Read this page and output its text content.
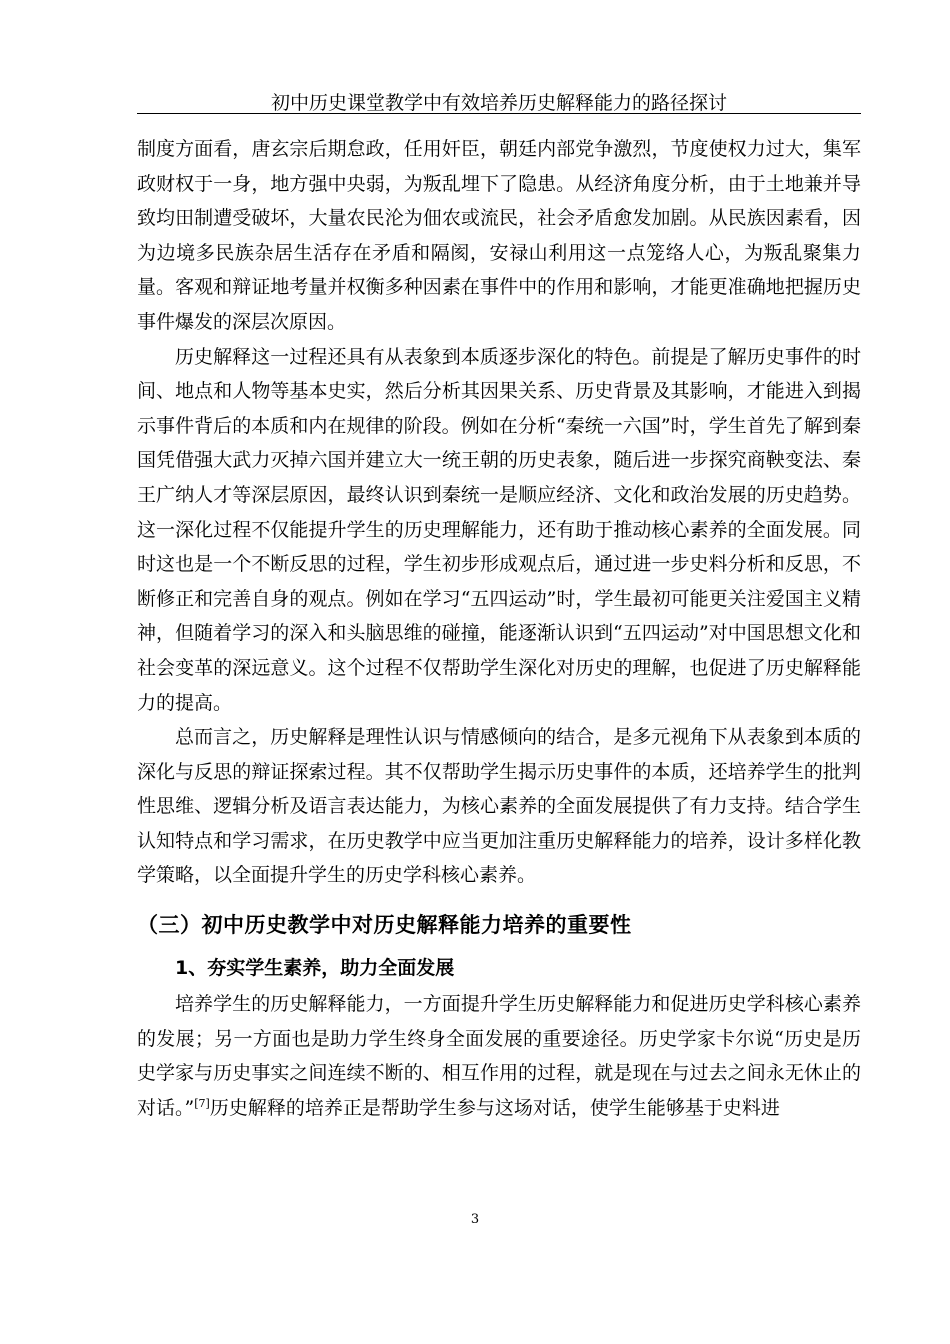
初中历史课堂教学中有效培养历史解释能力的路径探讨

制度方面看，唐玄宗后期怠政，任用奸臣，朝廷内部党争激烈，节度使权力过大，集军政财权于一身，地方强中央弱，为叛乱埋下了隐患。从经济角度分析，由于土地兼并导致均田制遭受破坏，大量农民沦为佃农或流民，社会矛盾愈发加剧。从民族因素看，因为边境多民族杂居生活存在矛盾和隔阂，安禄山利用这一点笼络人心，为叛乱聚集力量。客观和辩证地考量并权衡多种因素在事件中的作用和影响，才能更准确地把握历史事件爆发的深层次原因。

历史解释这一过程还具有从表象到本质逐步深化的特色。前提是了解历史事件的时间、地点和人物等基本史实，然后分析其因果关系、历史背景及其影响，才能进入到揭示事件背后的本质和内在规律的阶段。例如在分析“秦统一六国”时，学生首先了解到秦国凭借强大武力灭掉六国并建立大一统王朝的历史表象，随后进一步探究商鞅变法、秦王广纳人才等深层原因，最终认识到秦统一是顺应经济、文化和政治发展的历史趋势。这一深化过程不仅能提升学生的历史理解能力，还有助于推动核心素养的全面发展。同时这也是一个不断反思的过程，学生初步形成观点后，通过进一步史料分析和反思，不断修正和完善自身的观点。例如在学习“五四运动”时，学生最初可能更关注爱国主义精神，但随着学习的深入和头脑思维的碰撞，能逐渐认识到“五四运动”对中国思想文化和社会变革的深远意义。这个过程不仅帮助学生深化对历史的理解，也促进了历史解释能力的提高。

总而言之，历史解释是理性认识与情感倾向的结合，是多元视角下从表象到本质的深化与反思的辩证探索过程。其不仅帮助学生揭示历史事件的本质，还培养学生的批判性思维、逻辑分析及语言表达能力，为核心素养的全面发展提供了有力支持。结合学生认知特点和学习需求，在历史教学中应当更加注重历史解释能力的培养，设计多样化教学策略，以全面提升学生的历史学科核心素养。

（三）初中历史教学中对历史解释能力培养的重要性
1、夯实学生素养，助力全面发展

培养学生的历史解释能力，一方面提升学生历史解释能力和促进历史学科核心素养的发展；另一方面也是助力学生终身全面发展的重要途径。历史学家卡尔说“历史是历史学家与历史事实之间连续不断的、相互作用的过程，就是现在与过去之间永无休止的对话。”[7]历史解释的培养正是帮助学生参与这场对话，使学生能够基于史料进

3
